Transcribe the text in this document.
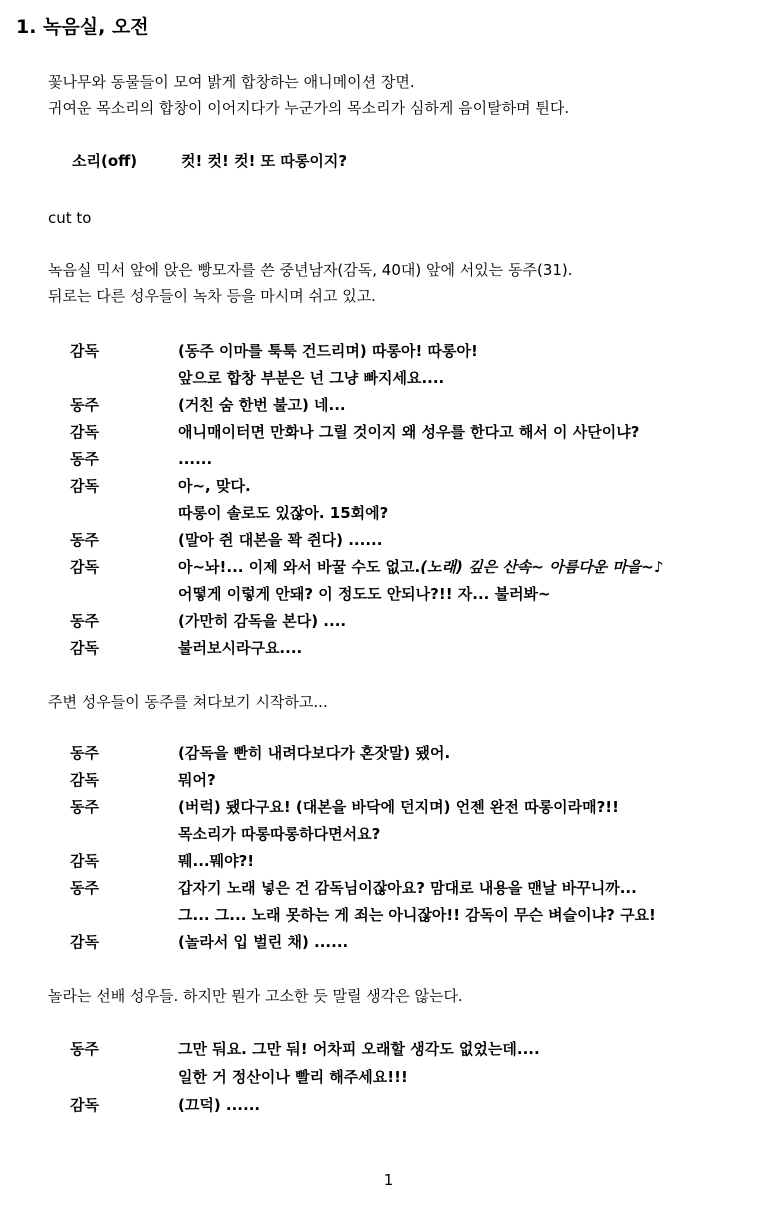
1. 녹음실, 오전

꽃나무와 동물들이 모여 밝게 합창하는 애니메이션 장면.

귀여운 목소리의 합창이 이어지다가 누군가의 목소리가 심하게 음이탈하며 튄다.

소리(off)	컷! 컷! 컷! 또 따롱이지?

cut to

녹음실 믹서 앞에 앉은 빵모자를 쓴 중년남자(감독, 40대) 앞에 서있는 동주(31).

뒤로는 다른 성우들이 녹차 등을 마시며 쉬고 있고.

감독	(동주 이마를 툭툭 건드리며) 따롱아! 따롱아!
앞으로 합창 부분은 넌 그냥 빠지세요....
동주	(거친 숨 한번 불고) 네...
감독	애니매이터면 만화나 그릴 것이지 왜 성우를 한다고 해서 이 사단이냐?
동주	......
감독	아~, 맞다.
따롱이 솔로도 있잖아. 15회에?
동주	(말아 쥔 대본을 꽉 쥔다) ......
감독	아~놔!... 이제 와서 바꿀 수도 없고.(노래) 깊은 산속~ 아름다운 마을~♪
어떻게 이렇게 안돼? 이 정도도 안되나?!! 자... 불러봐~
동주	(가만히 감독을 본다) ....
감독	불러보시라구요....

주변 성우들이 동주를 쳐다보기 시작하고...

동주	(감독을 빤히 내려다보다가 혼잣말) 됐어.
감독	뭐어?
동주	(버럭) 됐다구요! (대본을 바닥에 던지며) 언젠 완전 따롱이라매?!!
목소리가 따롱따롱하다면서요?
감독	뭬...뭬야?!
동주	갑자기 노래 넣은 건 감독님이잖아요? 맘대로 내용을 맨날 바꾸니까...
그... 그... 노래 못하는 게 죄는 아니잖아!! 감독이 무슨 벼슬이냐? 구요!
감독	(놀라서 입 벌린 채) ......

놀라는 선배 성우들. 하지만 뭔가 고소한 듯 말릴 생각은 않는다.

동주	그만 둬요. 그만 둬! 어차피 오래할 생각도 없었는데....
일한 거 정산이나 빨리 해주세요!!!
감독	(끄덕) ......
1
